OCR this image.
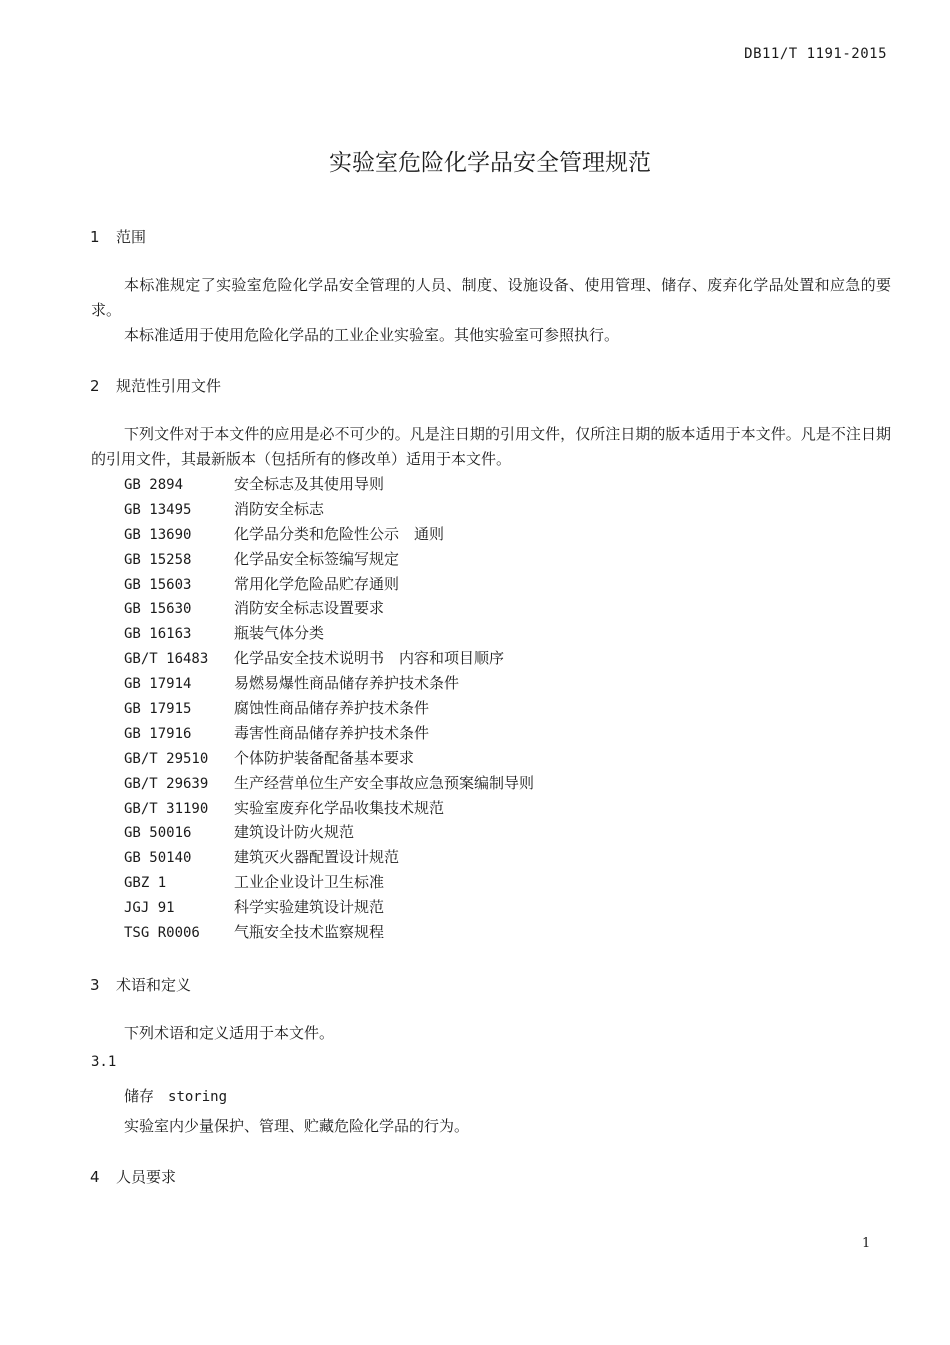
DB11/T 1191-2015
实验室危险化学品安全管理规范
1 范围
本标准规定了实验室危险化学品安全管理的人员、制度、设施设备、使用管理、储存、废弃化学品处置和应急的要求。
本标准适用于使用危险化学品的工业企业实验室。其他实验室可参照执行。
2 规范性引用文件
下列文件对于本文件的应用是必不可少的。凡是注日期的引用文件，仅所注日期的版本适用于本文件。凡是不注日期的引用文件，其最新版本（包括所有的修改单）适用于本文件。
GB 2894	安全标志及其使用导则
GB 13495	消防安全标志
GB 13690	化学品分类和危险性公示　通则
GB 15258	化学品安全标签编写规定
GB 15603	常用化学危险品贮存通则
GB 15630	消防安全标志设置要求
GB 16163	瓶装气体分类
GB/T 16483 化学品安全技术说明书　内容和项目顺序
GB 17914	易燃易爆性商品储存养护技术条件
GB 17915	腐蚀性商品储存养护技术条件
GB 17916	毒害性商品储存养护技术条件
GB/T 29510 个体防护装备配备基本要求
GB/T 29639 生产经营单位生产安全事故应急预案编制导则
GB/T 31190 实验室废弃化学品收集技术规范
GB 50016	建筑设计防火规范
GB 50140	建筑灭火器配置设计规范
GBZ 1	工业企业设计卫生标准
JGJ 91	科学实验建筑设计规范
TSG R0006 气瓶安全技术监察规程
3 术语和定义
下列术语和定义适用于本文件。
3.1
储存 storing
实验室内少量保护、管理、贮藏危险化学品的行为。
4 人员要求
1
